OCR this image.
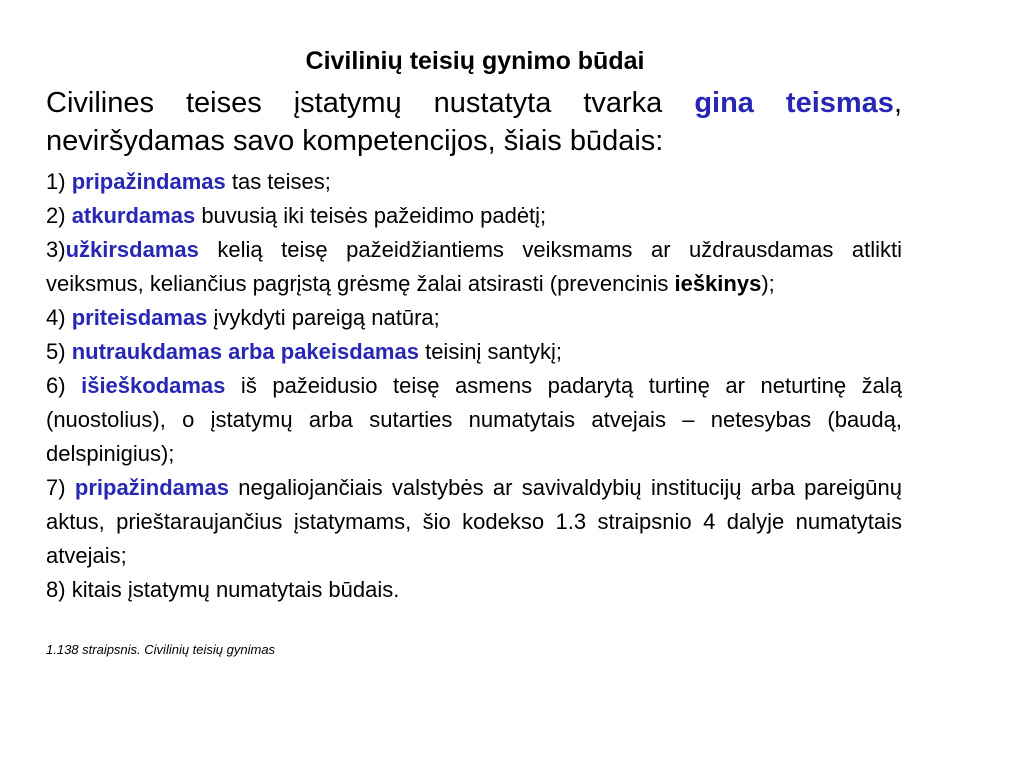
Civilinių teisių gynimo būdai
Civilines teises įstatymų nustatyta tvarka gina teismas, neviršydamas savo kompetencijos, šiais būdais:

1) pripažindamas tas teises;

2) atkurdamas buvusią iki teisės pažeidimo padėtį;

3)užkirsdamas kelią teisę pažeidžiantiems veiksmams ar uždrausdamas atlikti veiksmus, keliančius pagrįstą grėsmę žalai atsirasti (prevencinis ieškinys);

4) priteisdamas įvykdyti pareigą natūra;

5) nutraukdamas arba pakeisdamas teisinį santykį;

6) išieškodamas iš pažeidusio teisę asmens padarytą turtinę ar neturtinę žalą (nuostolius), o įstatymų arba sutarties numatytais atvejais – netesybas (baudą, delspinigius);

7) pripažindamas negaliojančiais valstybės ar savivaldybių institucijų arba pareigūnų aktus, prieštaraujančius įstatymams, šio kodekso 1.3 straipsnio 4 dalyje numatytais atvejais;

8) kitais įstatymų numatytais būdais.

1.138 straipsnis. Civilinių teisių gynimas
